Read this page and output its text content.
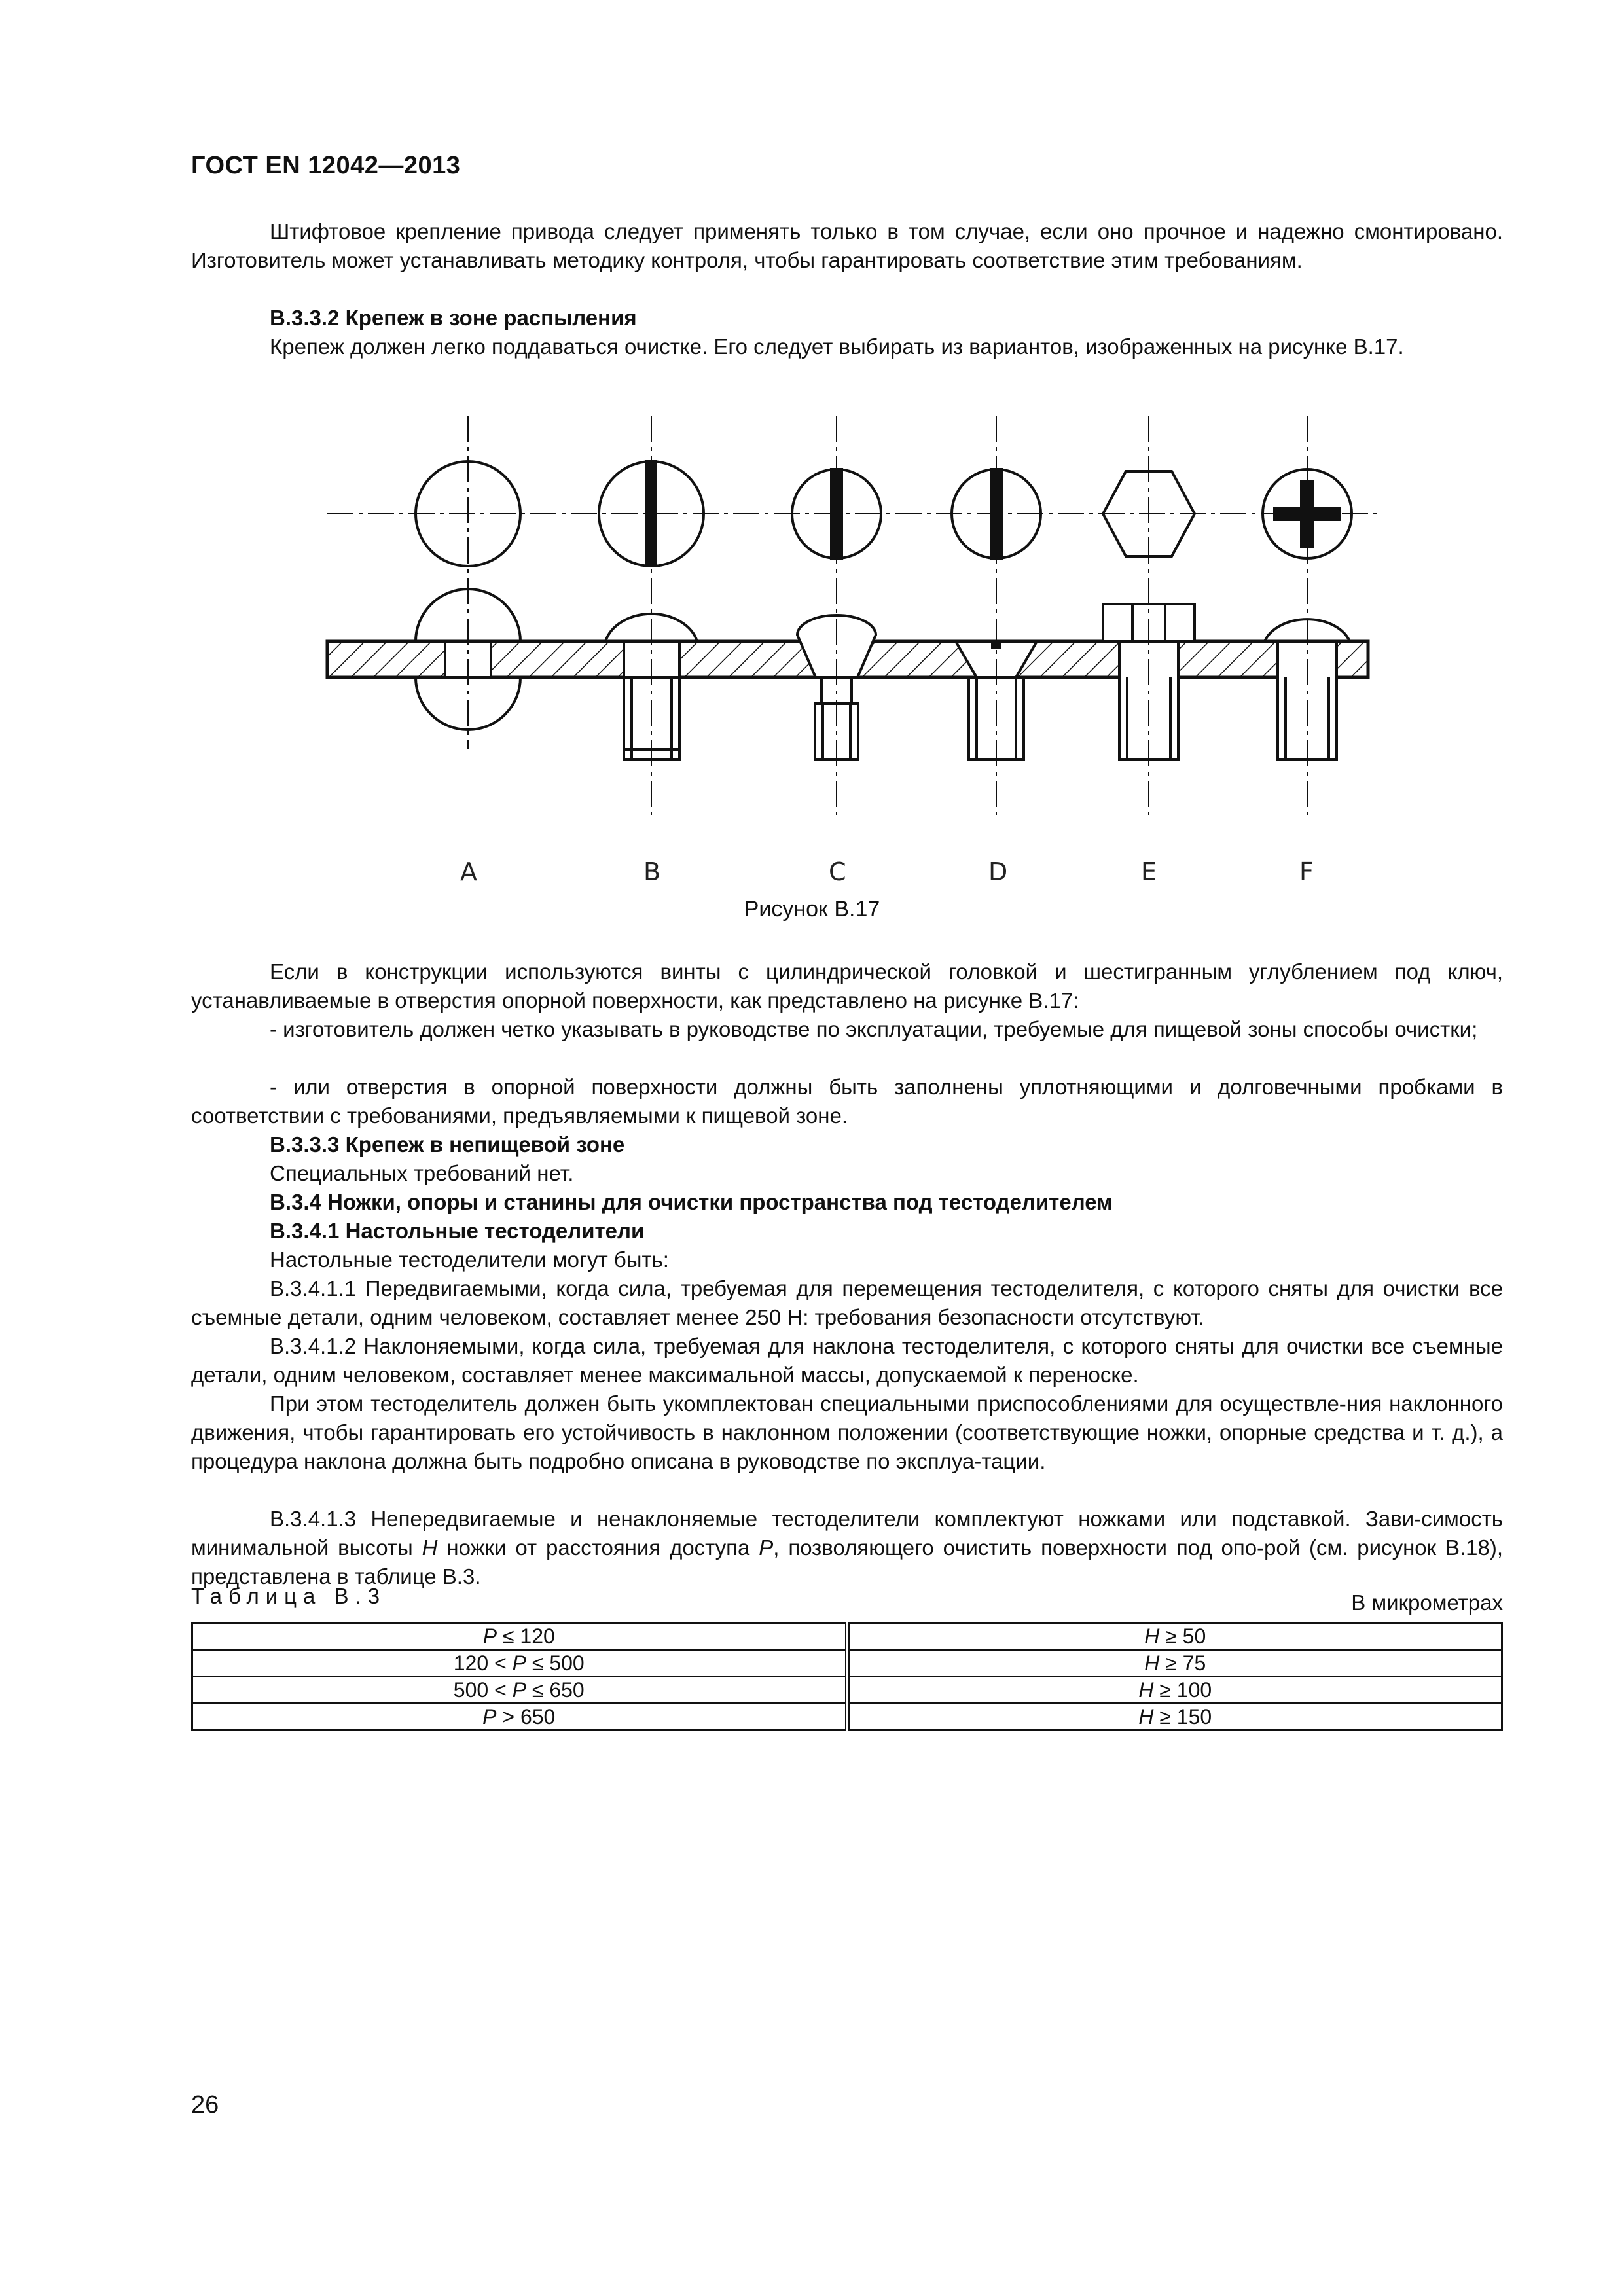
ГОСТ EN 12042—2013

Штифтовое крепление привода следует применять только в том случае, если оно прочное и надежно смонтировано. Изготовитель может устанавливать методику контроля, чтобы гарантировать соответствие этим требованиям.

В.3.3.2 Крепеж в зоне распыления

Крепеж должен легко поддаваться очистке. Его следует выбирать из вариантов, изображенных на рисунке В.17.

A	B	C	D	E	F
Рисунок В.17

Если в конструкции используются винты с цилиндрической головкой и шестигранным углублением под ключ, устанавливаемые в отверстия опорной поверхности, как представлено на рисунке В.17:

- изготовитель должен четко указывать в руководстве по эксплуатации, требуемые для пищевой зоны способы очистки;

- или отверстия в опорной поверхности должны быть заполнены уплотняющими и долговечными пробками в соответствии с требованиями, предъявляемыми к пищевой зоне.

В.3.3.3 Крепеж в непищевой зоне

Специальных требований нет.

В.3.4 Ножки, опоры и станины для очистки пространства под тестоделителем

В.3.4.1 Настольные тестоделители

Настольные тестоделители могут быть:

В.3.4.1.1 Передвигаемыми, когда сила, требуемая для перемещения тестоделителя, с которого сняты для очистки все съемные детали, одним человеком, составляет менее 250 Н: требования безопасности отсутствуют.

В.3.4.1.2 Наклоняемыми, когда сила, требуемая для наклона тестоделителя, с которого сняты для очистки все съемные детали, одним человеком, составляет менее максимальной массы, допускаемой к переноске.

При этом тестоделитель должен быть укомплектован специальными приспособлениями для осуществле-ния наклонного движения, чтобы гарантировать его устойчивость в наклонном положении (соответствующие ножки, опорные средства и т. д.), а процедура наклона должна быть подробно описана в руководстве по эксплуа-тации.

В.3.4.1.3 Непередвигаемые и ненаклоняемые тестоделители комплектуют ножками или подставкой. Зави-симость минимальной высоты H ножки от расстояния доступа P, позволяющего очистить поверхности под опо-рой (см. рисунок В.18), представлена в таблице В.3.

Таблица В.3	В микрометрах
P ≤ 120	H ≥ 50
120 < P ≤ 500	H ≥ 75
500 < P ≤ 650	H ≥ 100
P > 650	H ≥ 150
26
